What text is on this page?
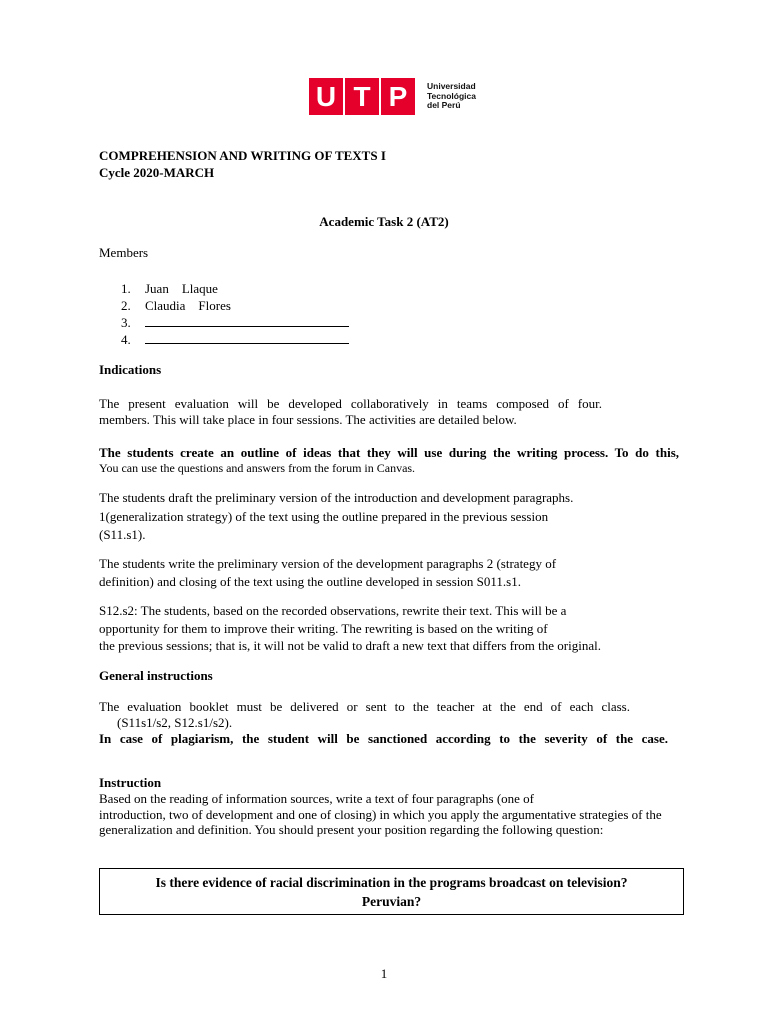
U T P	Universidad
Tecnológica
del Perú
COMPREHENSION AND WRITING OF TEXTS I
Cycle 2020-MARCH
Academic Task 2 (AT2)
Members
1.	Juan    Llaque
2.	Claudia    Flores
3.
4.
Indications
The present evaluation will be developed collaboratively in teams composed of four.
members. This will take place in four sessions. The activities are detailed below.
The students create an outline of ideas that they will use during the writing process. To do this,
You can use the questions and answers from the forum in Canvas.
The students draft the preliminary version of the introduction and development paragraphs.
1(generalization strategy) of the text using the outline prepared in the previous session
(S11.s1).
The students write the preliminary version of the development paragraphs 2 (strategy of
definition) and closing of the text using the outline developed in session S011.s1.
S12.s2: The students, based on the recorded observations, rewrite their text. This will be a
opportunity for them to improve their writing. The rewriting is based on the writing of
the previous sessions; that is, it will not be valid to draft a new text that differs from the original.
General instructions
The evaluation booklet must be delivered or sent to the teacher at the end of each class.
(S11s1/s2, S12.s1/s2).
In case of plagiarism, the student will be sanctioned according to the severity of the case.
Instruction
Based on the reading of information sources, write a text of four paragraphs (one of
introduction, two of development and one of closing) in which you apply the argumentative strategies of the
generalization and definition. You should present your position regarding the following question:
Is there evidence of racial discrimination in the programs broadcast on television?
Peruvian?
1
